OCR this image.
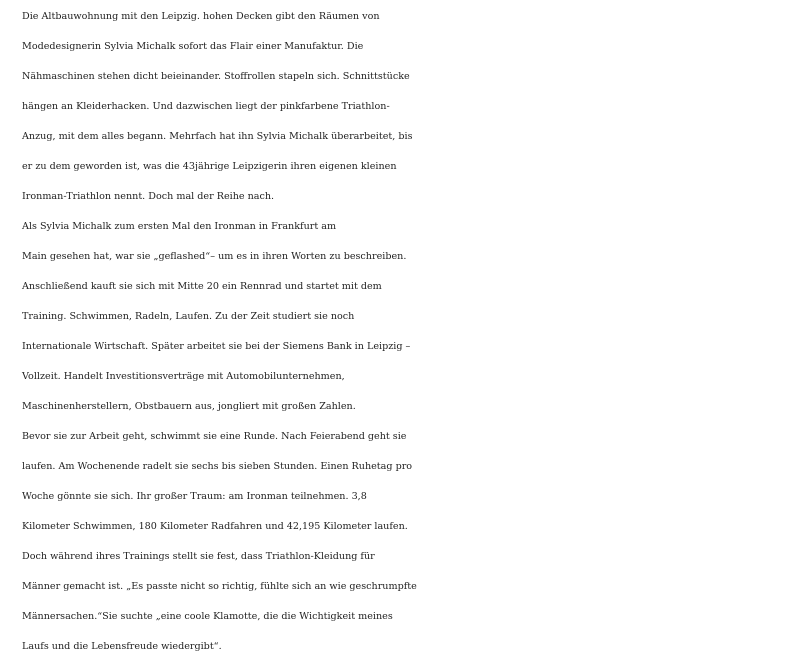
Die Altbauwohnung mit den Leipzig. hohen Decken gibt den Räumen von
Modedesignerin Sylvia Michalk sofort das Flair einer Manufaktur. Die
Nähmaschinen stehen dicht beieinander. Stoffrollen stapeln sich. Schnittstücke
hängen an Kleiderhacken. Und dazwischen liegt der pinkfarbene Triathlon-
Anzug, mit dem alles begann. Mehrfach hat ihn Sylvia Michalk überarbeitet, bis
er zu dem geworden ist, was die 43jährige Leipzigerin ihren eigenen kleinen
Ironman-Triathlon nennt. Doch mal der Reihe nach.

Als Sylvia Michalk zum ersten Mal den Ironman in Frankfurt am
Main gesehen hat, war sie „geflashed“– um es in ihren Worten zu beschreiben.
Anschließend kauft sie sich mit Mitte 20 ein Rennrad und startet mit dem
Training. Schwimmen, Radeln, Laufen. Zu der Zeit studiert sie noch
Internationale Wirtschaft. Später arbeitet sie bei der Siemens Bank in Leipzig –
Vollzeit. Handelt Investitionsverträge mit Automobilunternehmen,
Maschinenherstellern, Obstbauern aus, jongliert mit großen Zahlen.

Bevor sie zur Arbeit geht, schwimmt sie eine Runde. Nach Feierabend geht sie
laufen. Am Wochenende radelt sie sechs bis sieben Stunden. Einen Ruhetag pro
Woche gönnte sie sich. Ihr großer Traum: am Ironman teilnehmen. 3,8
Kilometer Schwimmen, 180 Kilometer Radfahren und 42,195 Kilometer laufen.
Doch während ihres Trainings stellt sie fest, dass Triathlon-Kleidung für
Männer gemacht ist. „Es passte nicht so richtig, fühlte sich an wie geschrumpfte
Männersachen.“Sie suchte „eine coole Klamotte, die die Wichtigkeit meines
Laufs und die Lebensfreude wiedergibt“.
